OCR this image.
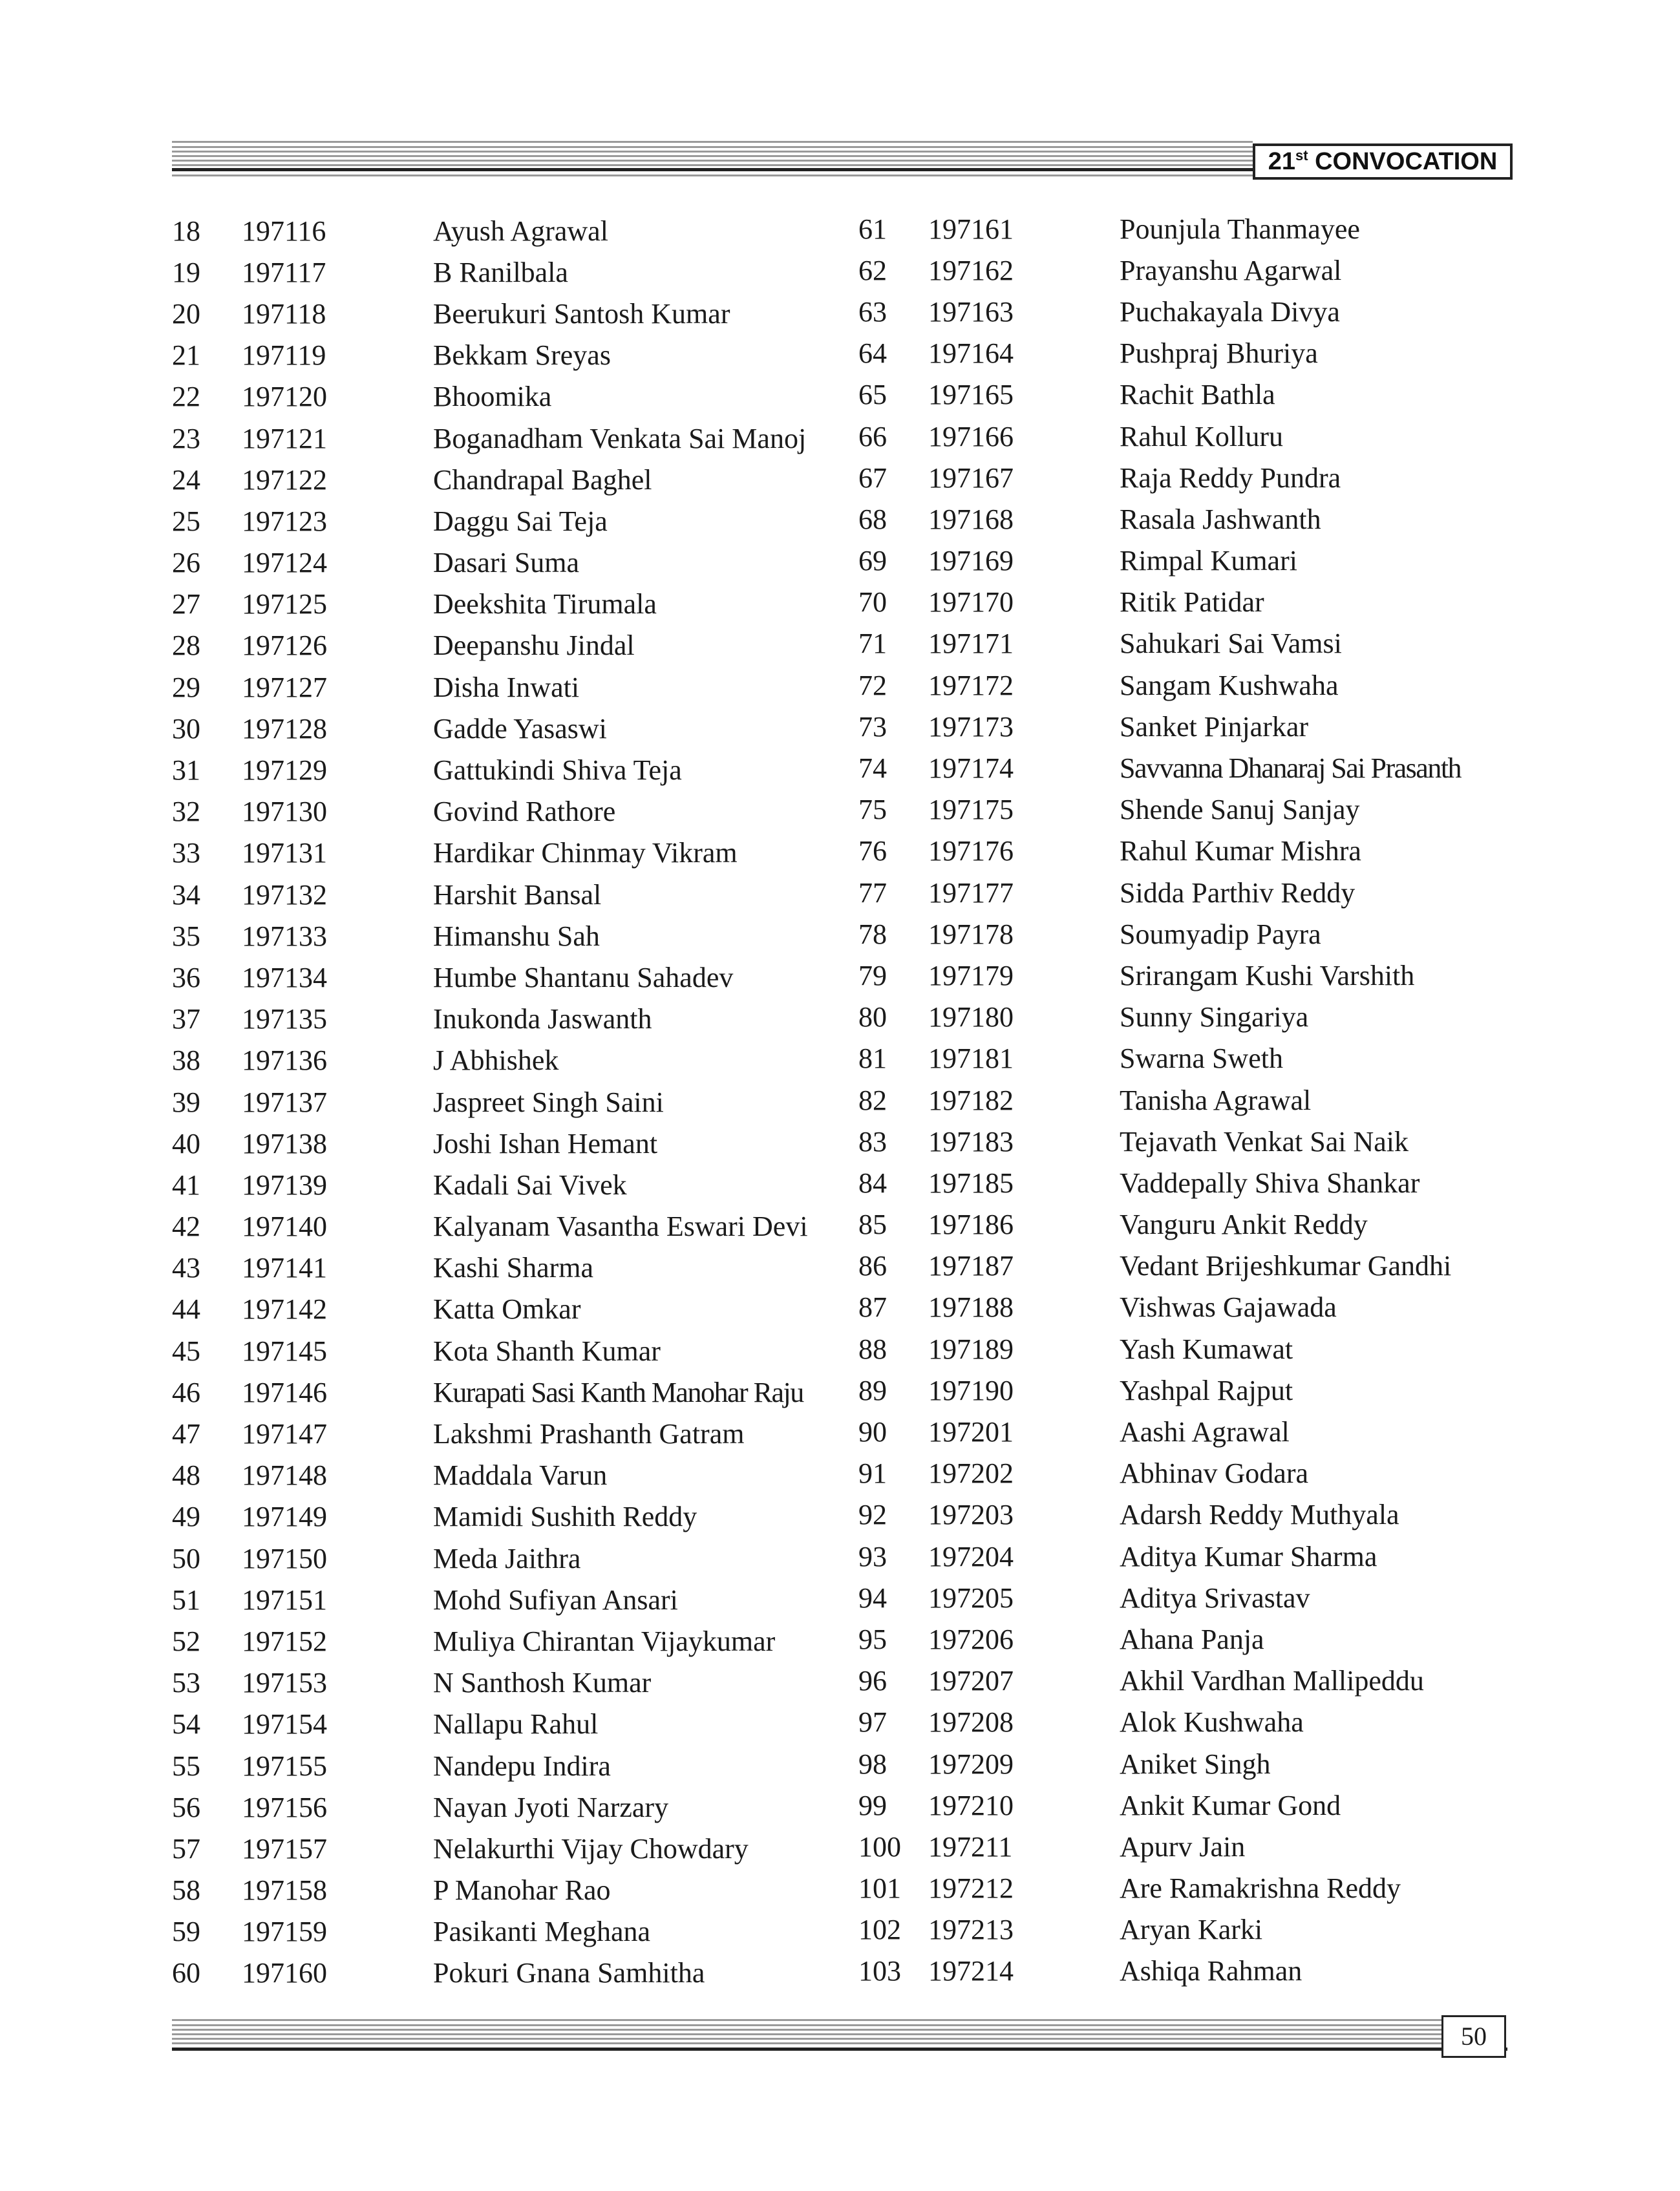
21st CONVOCATION
18	197116	Ayush Agrawal
19	197117	B Ranilbala
20	197118	Beerukuri Santosh Kumar
21	197119	Bekkam Sreyas
22	197120	Bhoomika
23	197121	Boganadham Venkata Sai Manoj
24	197122	Chandrapal Baghel
25	197123	Daggu Sai Teja
26	197124	Dasari Suma
27	197125	Deekshita Tirumala
28	197126	Deepanshu Jindal
29	197127	Disha Inwati
30	197128	Gadde Yasaswi
31	197129	Gattukindi Shiva Teja
32	197130	Govind Rathore
33	197131	Hardikar Chinmay Vikram
34	197132	Harshit Bansal
35	197133	Himanshu Sah
36	197134	Humbe Shantanu Sahadev
37	197135	Inukonda Jaswanth
38	197136	J Abhishek
39	197137	Jaspreet Singh Saini
40	197138	Joshi Ishan Hemant
41	197139	Kadali Sai Vivek
42	197140	Kalyanam Vasantha Eswari Devi
43	197141	Kashi Sharma
44	197142	Katta Omkar
45	197145	Kota Shanth Kumar
46	197146	Kurapati Sasi Kanth Manohar Raju
47	197147	Lakshmi Prashanth Gatram
48	197148	Maddala Varun
49	197149	Mamidi Sushith Reddy
50	197150	Meda Jaithra
51	197151	Mohd Sufiyan Ansari
52	197152	Muliya Chirantan Vijaykumar
53	197153	N Santhosh Kumar
54	197154	Nallapu Rahul
55	197155	Nandepu Indira
56	197156	Nayan Jyoti Narzary
57	197157	Nelakurthi Vijay Chowdary
58	197158	P Manohar Rao
59	197159	Pasikanti Meghana
60	197160	Pokuri Gnana Samhitha
61	197161	Pounjula Thanmayee
62	197162	Prayanshu Agarwal
63	197163	Puchakayala Divya
64	197164	Pushpraj Bhuriya
65	197165	Rachit Bathla
66	197166	Rahul Kolluru
67	197167	Raja Reddy Pundra
68	197168	Rasala Jashwanth
69	197169	Rimpal Kumari
70	197170	Ritik Patidar
71	197171	Sahukari Sai Vamsi
72	197172	Sangam Kushwaha
73	197173	Sanket Pinjarkar
74	197174	Savvanna Dhanaraj Sai Prasanth
75	197175	Shende Sanuj Sanjay
76	197176	Rahul Kumar Mishra
77	197177	Sidda Parthiv Reddy
78	197178	Soumyadip Payra
79	197179	Srirangam Kushi Varshith
80	197180	Sunny Singariya
81	197181	Swarna Sweth
82	197182	Tanisha Agrawal
83	197183	Tejavath Venkat Sai Naik
84	197185	Vaddepally Shiva Shankar
85	197186	Vanguru Ankit Reddy
86	197187	Vedant Brijeshkumar Gandhi
87	197188	Vishwas Gajawada
88	197189	Yash Kumawat
89	197190	Yashpal Rajput
90	197201	Aashi Agrawal
91	197202	Abhinav Godara
92	197203	Adarsh Reddy Muthyala
93	197204	Aditya Kumar Sharma
94	197205	Aditya Srivastav
95	197206	Ahana Panja
96	197207	Akhil Vardhan Mallipeddu
97	197208	Alok Kushwaha
98	197209	Aniket Singh
99	197210	Ankit Kumar Gond
100 197211	Apurv Jain
101 197212	Are Ramakrishna Reddy
102 197213	Aryan Karki
103 197214	Ashiqa Rahman
50
